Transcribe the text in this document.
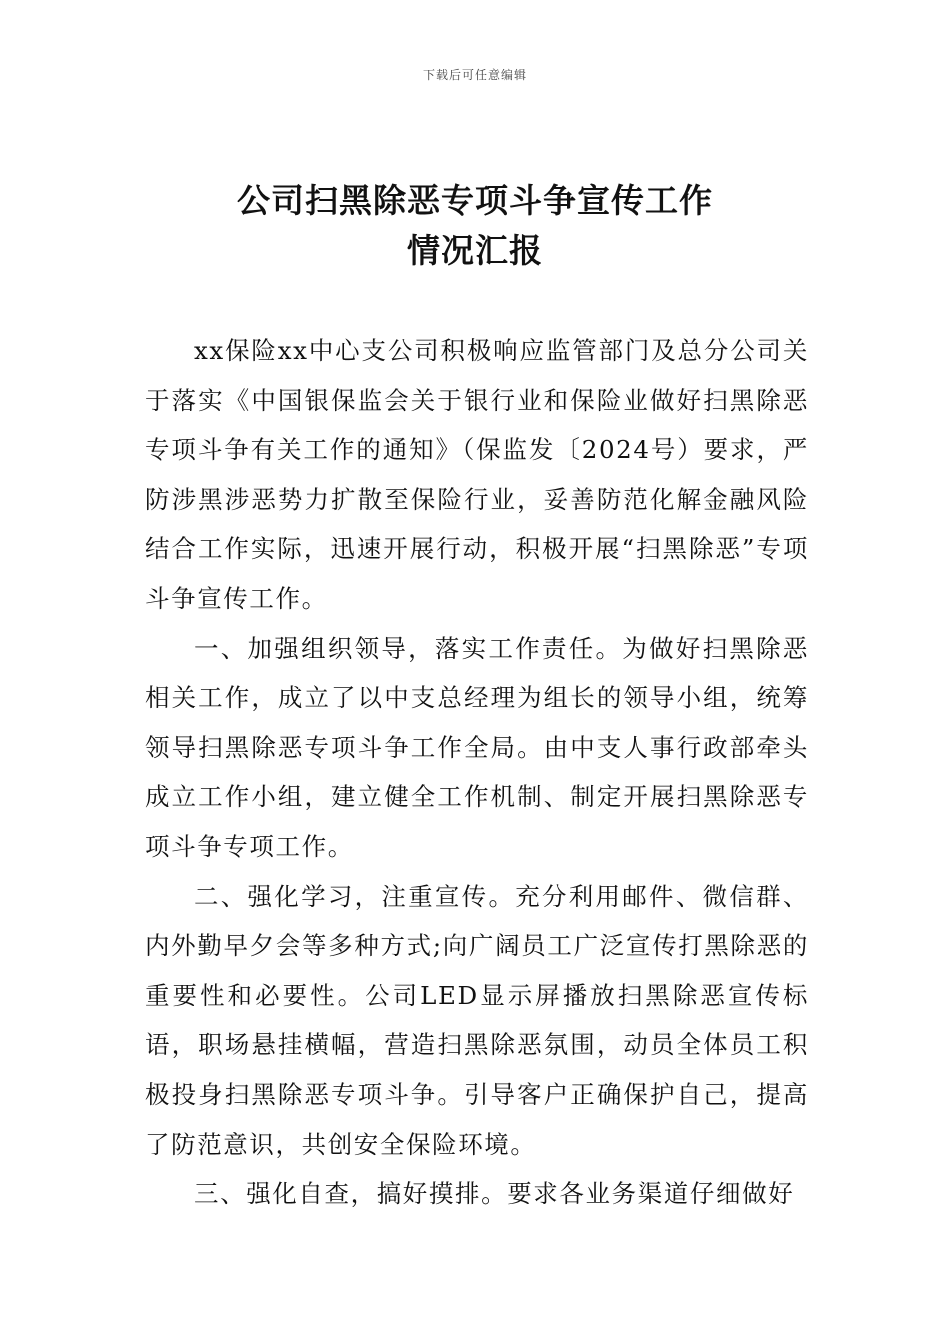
下载后可任意编辑
公司扫黑除恶专项斗争宣传工作
情况汇报

xx保险xx中心支公司积极响应监管部门及总分公司关于落实《中国银保监会关于银行业和保险业做好扫黑除恶专项斗争有关工作的通知》（保监发〔2024号）要求，严防涉黑涉恶势力扩散至保险行业，妥善防范化解金融风险结合工作实际，迅速开展行动，积极开展“扫黑除恶”专项斗争宣传工作。

一、加强组织领导，落实工作责任。为做好扫黑除恶相关工作，成立了以中支总经理为组长的领导小组，统筹领导扫黑除恶专项斗争工作全局。由中支人事行政部牵头成立工作小组，建立健全工作机制、制定开展扫黑除恶专项斗争专项工作。

二、强化学习，注重宣传。充分利用邮件、微信群、内外勤早夕会等多种方式;向广阔员工广泛宣传打黑除恶的重要性和必要性。公司LED显示屏播放扫黑除恶宣传标语，职场悬挂横幅，营造扫黑除恶氛围，动员全体员工积极投身扫黑除恶专项斗争。引导客户正确保护自己，提高了防范意识，共创安全保险环境。

三、强化自查，搞好摸排。要求各业务渠道仔细做好
